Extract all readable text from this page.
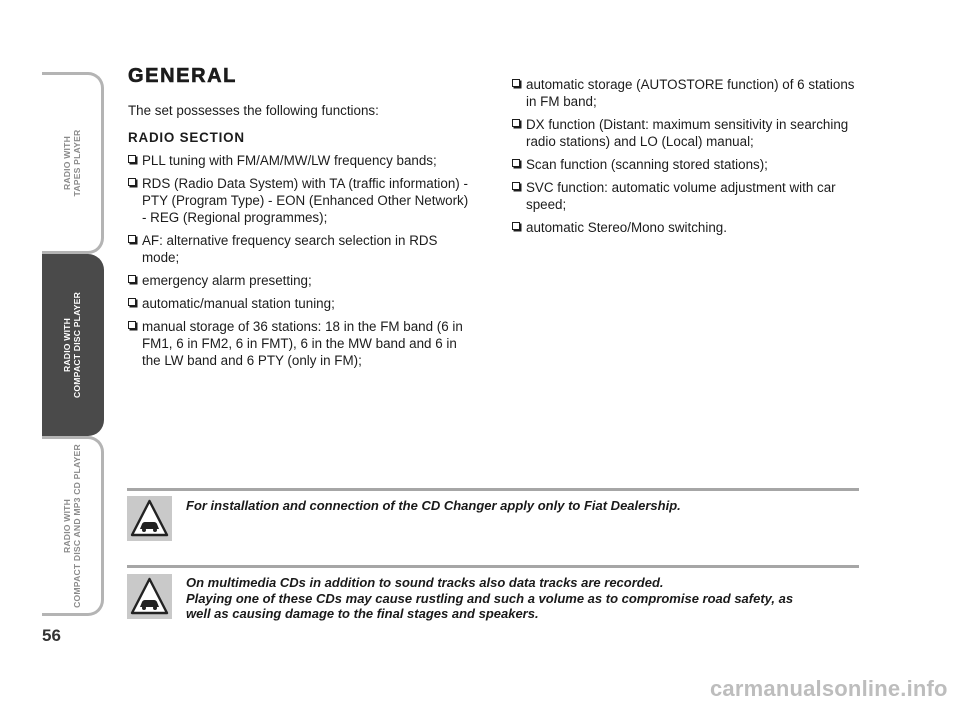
RADIO WITH TAPES PLAYER
RADIO WITH COMPACT DISC PLAYER
RADIO WITH COMPACT DISC AND MP3 CD PLAYER
56
GENERAL
The set possesses the following functions:
RADIO SECTION
PLL tuning with FM/AM/MW/LW frequency bands;
RDS (Radio Data System) with TA (traffic information) - PTY (Program Type) - EON (Enhanced Other Network) - REG (Regional programmes);
AF: alternative frequency search selection in RDS mode;
emergency alarm presetting;
automatic/manual station tuning;
manual storage of 36 stations: 18 in the FM band (6 in FM1, 6 in FM2, 6 in FMT), 6 in the MW band and 6 in the LW band and 6 PTY (only in FM);
automatic storage (AUTOSTORE function) of 6 stations in FM band;
DX function (Distant: maximum sensitivity in searching radio stations) and LO (Local) manual;
Scan function (scanning stored stations);
SVC function: automatic volume adjustment with car speed;
automatic Stereo/Mono switching.
For installation and connection of the CD Changer apply only to Fiat Dealership.
On multimedia CDs in addition to sound tracks also data tracks are recorded.
Playing one of these CDs may cause rustling and such a volume as to compromise road safety, as
well as causing damage to the final stages and speakers.
carmanualsonline.info
